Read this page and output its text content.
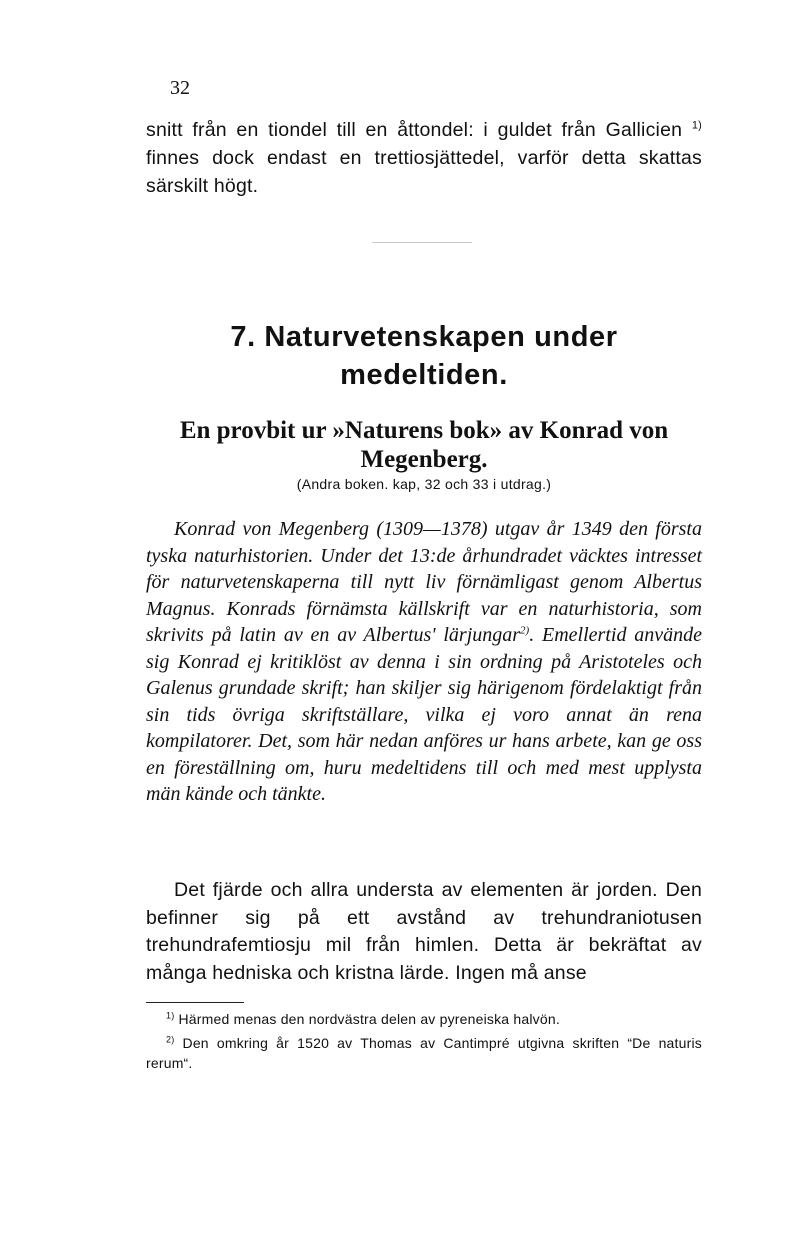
32

snitt från en tiondel till en åttondel: i guldet från Gallicien $^{1)}$ finnes dock endast en trettiosjättedel, varför detta skattas särskilt högt.

7. Naturvetenskapen under medeltiden.
En provbit ur »Naturens bok» av Konrad von Megenberg.
(Andra boken. kap, 32 och 33 i utdrag.)

Konrad von Megenberg (1309—1378) utgav år 1349 den första tyska naturhistorien. Under det 13:de århundradet väcktes intresset för naturvetenskaperna till nytt liv förnämligast genom Albertus Magnus. Konrads förnämsta källskrift var en naturhistoria, som skrivits på latin av en av Albertus' lärjungar$^{2)}$. Emellertid använde sig Konrad ej kritiklöst av denna i sin ordning på Aristoteles och Galenus grundade skrift; han skiljer sig härigenom fördelaktigt från sin tids övriga skriftställare, vilka ej voro annat än rena kompilatorer. Det, som här nedan anföres ur hans arbete, kan ge oss en föreställning om, huru medeltidens till och med mest upplysta män kände och tänkte.

Det fjärde och allra understa av elementen är jorden. Den befinner sig på ett avstånd av trehundraniotusen trehundrafemtiosju mil från himlen. Detta är bekräftat av många hedniska och kristna lärde. Ingen må anse

$^{1)}$ Härmed menas den nordvästra delen av pyreneiska halvön.

$^{2)}$ Den omkring år 1520 av Thomas av Cantimpré utgivna skriften “De naturis rerum“.
